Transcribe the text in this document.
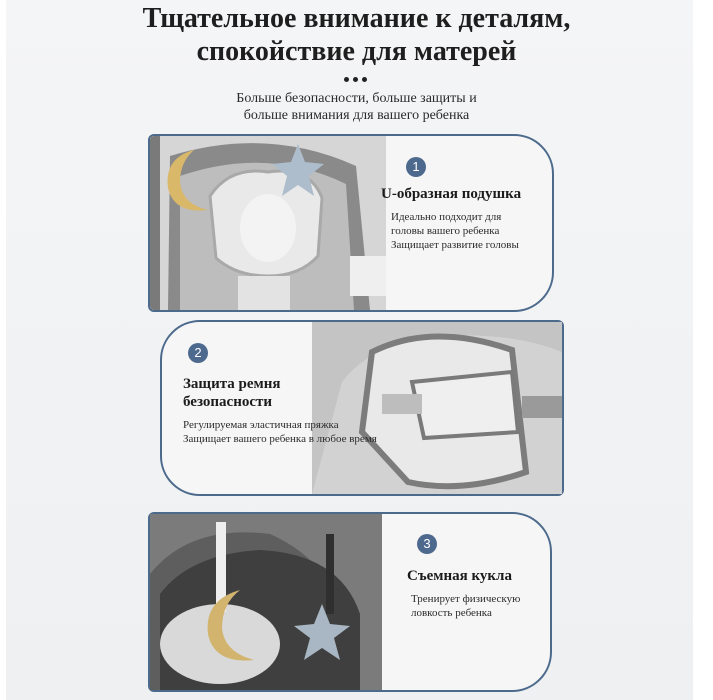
Тщательное внимание к деталям,
спокойствие для матерей
Больше безопасности, больше защиты и
больше внимания для вашего ребенка
1
U-образная подушка
Идеально подходит для
головы вашего ребенка
Защищает развитие головы
2
Защита ремня
безопасности
Регулируемая эластичная пряжка
Защищает вашего ребенка в любое время
3
Съемная кукла
Тренирует физическую
ловкость ребенка
